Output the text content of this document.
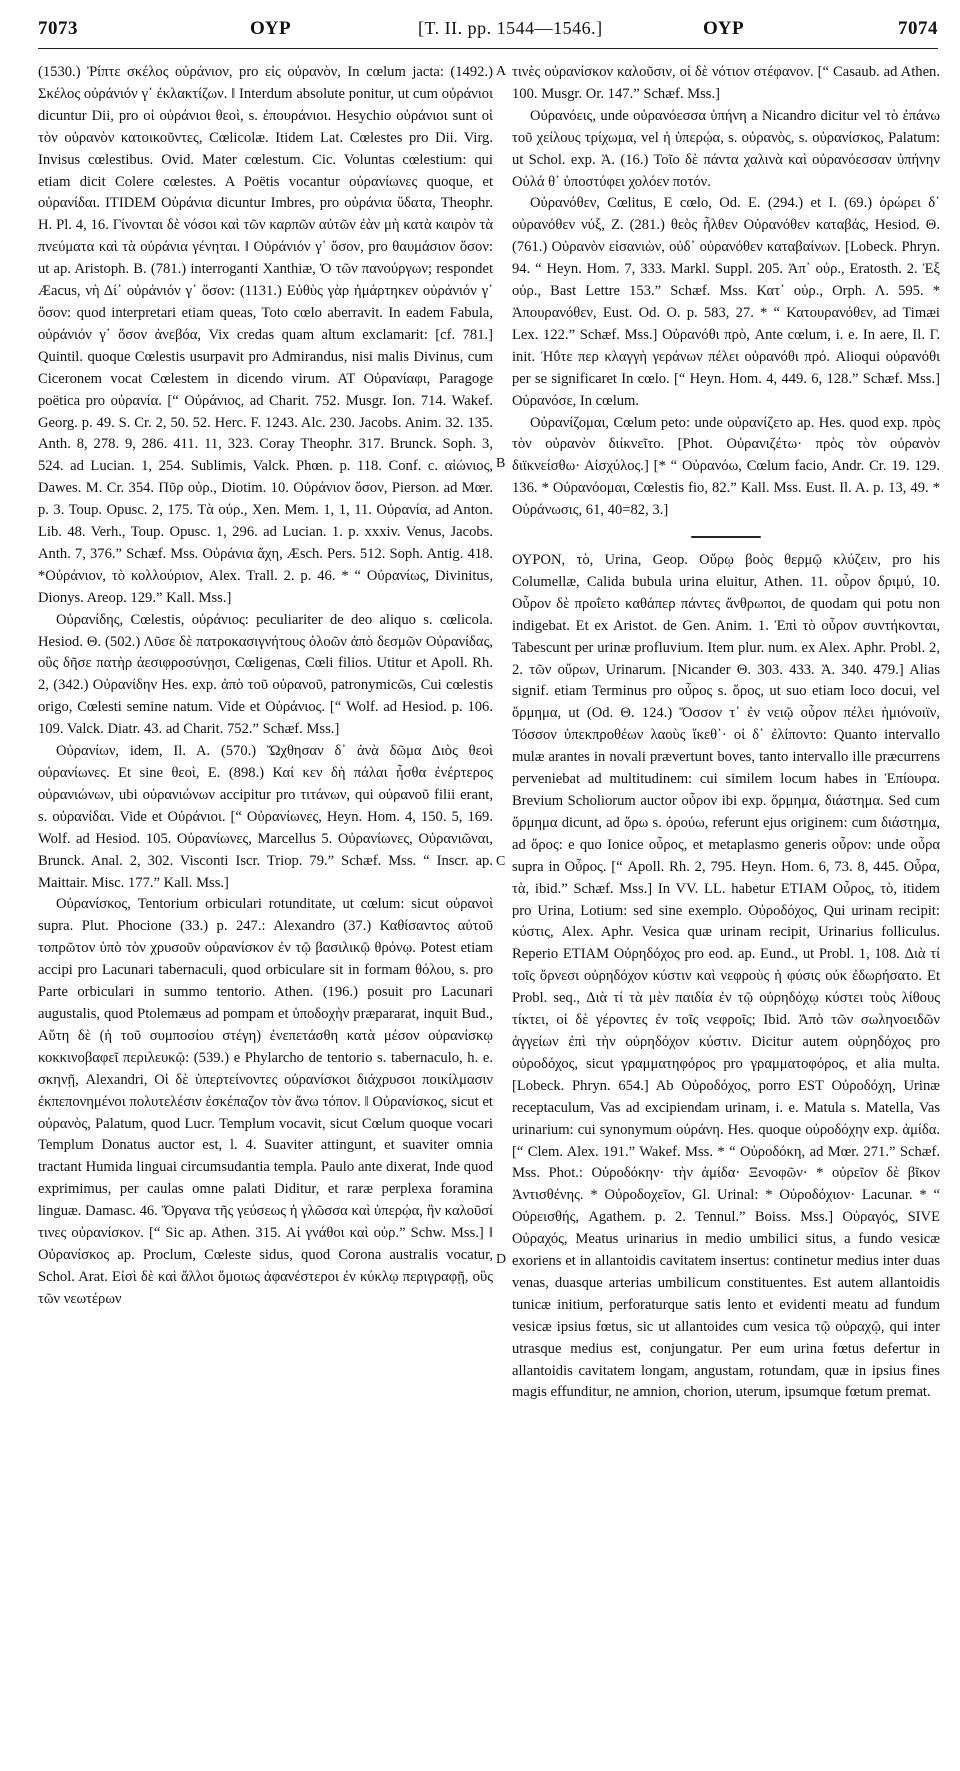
7073	ΟΥΡ	[T. II. pp. 1544—1546.]	ΟΥΡ	7074
A
B
C
D

(1530.) Ῥίπτε σκέλος οὐράνιον, pro εἰς οὐρανὸν, In cœlum jacta: (1492.) Σκέλος οὐράνιόν γ᾽ ἐκλακτίζων. ‖ Interdum absolute ponitur, ut cum οὐράνιοι dicuntur Dii, pro οἱ οὐράνιοι θεοὶ, s. ἐπουράνιοι. Hesychio οὐράνιοι sunt οἱ τὸν οὐρανὸν κατοικοῦντες, Cœlicolæ. Itidem Lat. Cœlestes pro Dii. Virg. Invisus cœlestibus. Ovid. Mater cœlestum. Cic. Voluntas cœlestium: qui etiam dicit Colere cœlestes. A Poëtis vocantur οὐρανίωνες quoque, et οὐρανίδαι. ITIDEM Οὐράνια dicuntur Imbres, pro οὐράνια ὕδατα, Theophr. H. Pl. 4, 16. Γίνονται δὲ νόσοι καὶ τῶν καρπῶν αὐτῶν ἐὰν μὴ κατὰ καιρὸν τὰ πνεύματα καὶ τὰ οὐράνια γένηται. ‖ Οὐράνιόν γ᾽ ὅσον, pro θαυμάσιον ὅσον: ut ap. Aristoph. B. (781.) interroganti Xanthiæ, Ὁ τῶν πανούργων; respondet Æacus, νὴ Δί᾽ οὐράνιόν γ᾽ ὅσον: (1131.) Εὐθὺς γὰρ ἡμάρτηκεν οὐράνιόν γ᾽ ὅσον: quod interpretari etiam queas, Toto cœlo aberravit. In eadem Fabula, οὐράνιόν γ᾽ ὅσον ἀνεβόα, Vix credas quam altum exclamarit: [cf. 781.] Quintil. quoque Cœlestis usurpavit pro Admirandus, nisi malis Divinus, cum Ciceronem vocat Cœlestem in dicendo virum. AT Οὐρανίαφι, Paragoge poëtica pro οὐρανία. [“ Οὐράνιος, ad Charit. 752. Musgr. Ion. 714. Wakef. Georg. p. 49. S. Cr. 2, 50. 52. Herc. F. 1243. Alc. 230. Jacobs. Anim. 32. 135. Anth. 8, 278. 9, 286. 411. 11, 323. Coray Theophr. 317. Brunck. Soph. 3, 524. ad Lucian. 1, 254. Sublimis, Valck. Phœn. p. 118. Conf. c. αἰώνιος, Dawes. M. Cr. 354. Πῦρ οὐρ., Diotim. 10. Οὐράνιον ὅσον, Pierson. ad Mœr. p. 3. Toup. Opusc. 2, 175. Τὰ οὐρ., Xen. Mem. 1, 1, 11. Οὐρανία, ad Anton. Lib. 48. Verh., Toup. Opusc. 1, 296. ad Lucian. 1. p. xxxiv. Venus, Jacobs. Anth. 7, 376.” Schæf. Mss. Οὐράνια ἄχη, Æsch. Pers. 512. Soph. Antig. 418. *Οὐράνιον, τὸ κολλούριον, Alex. Trall. 2. p. 46. * “ Οὐρανίως, Divinitus, Dionys. Areop. 129.” Kall. Mss.]

Οὐρανίδης, Cœlestis, οὐράνιος: peculiariter de deo aliquo s. cœlicola. Hesiod. Θ. (502.) Λῦσε δὲ πατροκασιγνήτους ὀλοῶν ἀπὸ δεσμῶν Οὐρανίδας, οὓς δῆσε πατὴρ ἀεσιφροσύνῃσι, Cœligenas, Cœli filios. Utitur et Apoll. Rh. 2, (342.) Οὐρανίδην Hes. exp. ἀπὸ τοῦ οὐρανοῦ, patronymicῶs, Cui cœlestis origo, Cœlesti semine natum. Vide et Οὐράνιος. [“ Wolf. ad Hesiod. p. 106. 109. Valck. Diatr. 43. ad Charit. 752.” Schæf. Mss.]

Οὐρανίων, idem, Il. A. (570.) Ὤχθησαν δ᾽ ἀνὰ δῶμα Διὸς θεοὶ οὐρανίωνες. Et sine θεοὶ, E. (898.) Καί κεν δὴ πάλαι ἦσθα ἐνέρτερος οὐρανιώνων, ubi οὐρανιώνων accipitur pro τιτάνων, qui οὐρανοῦ filii erant, s. οὐρανίδαι. Vide et Οὐράνιοι. [“ Οὐρανίωνες, Heyn. Hom. 4, 150. 5, 169. Wolf. ad Hesiod. 105. Οὐρανίωνες, Marcellus 5. Οὐρανίωνες, Οὐρανιῶναι, Brunck. Anal. 2, 302. Visconti Iscr. Triop. 79.” Schæf. Mss. “ Inscr. ap. Maittair. Misc. 177.” Kall. Mss.]

Οὐρανίσκος, Tentorium orbiculari rotunditate, ut cœlum: sicut οὐρανοὶ supra. Plut. Phocione (33.) p. 247.: Alexandro (37.) Καθίσαντος αὐτοῦ τοπρῶτον ὑπὸ τὸν χρυσοῦν οὐρανίσκον ἐν τῷ βασιλικῷ θρόνῳ. Potest etiam accipi pro Lacunari tabernaculi, quod orbiculare sit in formam θόλου, s. pro Parte orbiculari in summo tentorio. Athen. (196.) posuit pro Lacunari augustalis, quod Ptolemæus ad pompam et ὑποδοχὴν præpararat, inquit Bud., Αὕτη δὲ (ἡ τοῦ συμποσίου στέγη) ἐνεπετάσθη κατὰ μέσον οὐρανίσκῳ κοκκινοβαφεῖ περιλευκῷ: (539.) e Phylarcho de tentorio s. tabernaculo, h. e. σκηνῇ, Alexandri, Οἱ δὲ ὑπερτείνοντες οὐρανίσκοι διάχρυσοι ποικίλμασιν ἐκπεπονημένοι πολυτελέσιν ἐσκέπαζον τὸν ἄνω τόπον. ‖ Οὐρανίσκος, sicut et οὐρανὸς, Palatum, quod Lucr. Templum vocavit, sicut Cœlum quoque vocari Templum Donatus auctor est, l. 4. Suaviter attingunt, et suaviter omnia tractant Humida linguai circumsudantia templa. Paulo ante dixerat, Inde quod exprimimus, per caulas omne palati Diditur, et raræ perplexa foramina linguæ. Damasc. 46. Ὄργανα τῆς γεύσεως ἡ γλῶσσα καὶ ὑπερῴα, ἣν καλοῦσί τινες οὐρανίσκον. [“ Sic ap. Athen. 315. Αἱ γνάθοι καὶ οὐρ.” Schw. Mss.] ‖ Οὐρανίσκος ap. Proclum, Cœleste sidus, quod Corona australis vocatur, Schol. Arat. Εἰσὶ δὲ καὶ ἄλλοι ὅμοιως ἀφανέστεροι ἐν κύκλῳ περιγραφῇ, οὓς τῶν νεωτέρων

τινὲς οὐρανίσκον καλοῦσιν, οἱ δὲ νότιον στέφανον. [“ Casaub. ad Athen. 100. Musgr. Or. 147.” Schæf. Mss.]

Οὐρανόεις, unde οὐρανόεσσα ὑπήνη a Nicandro dicitur vel τὸ ἐπάνω τοῦ χείλους τρίχωμα, vel ἡ ὑπερῴα, s. οὐρανὸς, s. οὐρανίσκος, Palatum: ut Schol. exp. Ἀ. (16.) Τοῖο δὲ πάντα χαλινὰ καὶ οὐρανόεσσαν ὑπήνην Οὐλά θ᾽ ὑποστύφει χολόεν ποτόν.

Οὐρανόθεν, Cœlitus, E cœlo, Od. E. (294.) et I. (69.) ὀρώρει δ᾽ οὐρανόθεν νύξ, Z. (281.) θεὸς ἦλθεν Οὐρανόθεν καταβάς, Hesiod. Θ. (761.) Οὐρανὸν εἰσανιὼν, οὐδ᾽ οὐρανόθεν καταβαίνων. [Lobeck. Phryn. 94. “ Heyn. Hom. 7, 333. Markl. Suppl. 205. Ἀπ᾽ οὐρ., Eratosth. 2. Ἐξ οὐρ., Bast Lettre 153.” Schæf. Mss. Κατ᾽ οὐρ., Orph. Λ. 595. * Ἀπουρανόθεν, Eust. Od. O. p. 583, 27. * “ Κατουρανόθεν, ad Timæi Lex. 122.” Schæf. Mss.] Οὐρανόθι πρὸ, Ante cœlum, i. e. In aere, Il. Γ. init. Ἠΰτε περ κλαγγὴ γεράνων πέλει οὐρανόθι πρό. Alioqui οὐρανόθι per se significaret In cœlo. [“ Heyn. Hom. 4, 449. 6, 128.” Schæf. Mss.] Οὐρανόσε, In cœlum.

Οὐρανίζομαι, Cœlum peto: unde οὐρανίζετο ap. Hes. quod exp. πρὸς τὸν οὐρανὸν διίκνεῖτο. [Phot. Οὐρανιζέτω· πρὸς τὸν οὐρανὸν διϊκνείσθω· Αἰσχύλος.] [* “ Οὐρανόω, Cœlum facio, Andr. Cr. 19. 129. 136. * Οὐρανόομαι, Cœlestis fio, 82.” Kall. Mss. Eust. Il. A. p. 13, 49. * Οὐράνωσις, 61, 40=82, 3.]

ΟΥΡΟΝ, τὸ, Urina, Geop. Οὔρῳ βοὸς θερμῷ κλύζειν, pro his Columellæ, Calida bubula urina eluitur, Athen. 11. οὖρον δριμύ, 10. Οὖρον δὲ προΐετο καθάπερ πάντες ἄνθρωποι, de quodam qui potu non indigebat. Et ex Aristot. de Gen. Anim. 1. Ἐπὶ τὸ οὖρον συντήκονται, Tabescunt per urinæ profluvium. Item plur. num. ex Alex. Aphr. Probl. 2, 2. τῶν οὔρων, Urinarum. [Nicander Θ. 303. 433. Ἀ. 340. 479.] Alias signif. etiam Terminus pro οὖρος s. ὅρος, ut suo etiam loco docui, vel ὅρμημα, ut (Od. Θ. 124.) Ὅσσον τ᾽ ἐν νειῷ οὖρον πέλει ἡμιόνοιϊν, Τόσσον ὑπεκπροθέων λαοὺς ἵκεθ᾽· οἱ δ᾽ ἐλίποντο: Quanto intervallo mulæ arantes in novali prævertunt boves, tanto intervallo ille præcurrens perveniebat ad multitudinem: cui similem locum habes in Ἐπίουρα. Brevium Scholiorum auctor οὖρον ibi exp. ὅρμημα, διάστημα. Sed cum ὅρμημα dicunt, ad ὅρω s. ὀρούω, referunt ejus originem: cum διάστημα, ad ὅρος: e quo Ionice οὖρος, et metaplasmo generis οὖρον: unde οὖρα supra in Οὖρος. [“ Apoll. Rh. 2, 795. Heyn. Hom. 6, 73. 8, 445. Οὖρα, τὰ, ibid.” Schæf. Mss.] In VV. LL. habetur ETIAM Οὖρος, τὸ, itidem pro Urina, Lotium: sed sine exemplo. Οὐροδόχος, Qui urinam recipit: κύστις, Alex. Aphr. Vesica quæ urinam recipit, Urinarius folliculus. Reperio ETIAM Οὐρηδόχος pro eod. ap. Eund., ut Probl. 1, 108. Διὰ τί τοῖς ὄρνεσι οὐρηδόχον κύστιν καὶ νεφροὺς ἡ φύσις οὐκ ἐδωρήσατο. Et Probl. seq., Διὰ τί τὰ μὲν παιδία ἐν τῷ οὐρηδόχῳ κύστει τοὺς λίθους τίκτει, οἱ δὲ γέροντες ἐν τοῖς νεφροῖς; Ibid. Ἀπὸ τῶν σωληνοειδῶν ἀγγείων ἐπὶ τὴν οὐρηδόχον κύστιν. Dicitur autem οὐρηδόχος pro οὐροδόχος, sicut γραμματηφόρος pro γραμματοφόρος, et alia multa. [Lobeck. Phryn. 654.] Ab Οὐροδόχος, porro EST Οὐροδόχη, Urinæ receptaculum, Vas ad excipiendam urinam, i. e. Matula s. Matella, Vas urinarium: cui synonymum οὐράνη. Hes. quoque οὐροδόχην exp. ἀμίδα. [“ Clem. Alex. 191.” Wakef. Mss. * “ Οὐροδόκη, ad Mœr. 271.” Schæf. Mss. Phot.: Οὐροδόκην· τὴν ἀμίδα· Ξενοφῶν· * οὐρεῖον δὲ βῖκον Ἀντισθένης. * Οὐροδοχεῖον, Gl. Urinal: * Οὐροδόχιον· Lacunar. * “ Οὐρεισθής, Agathem. p. 2. Tennul.” Boiss. Mss.] Οὐραγός, SIVE Οὐραχός, Meatus urinarius in medio umbilici situs, a fundo vesicæ exoriens et in allantoidis cavitatem insertus: continetur medius inter duas venas, duasque arterias umbilicum constituentes. Est autem allantoidis tunicæ initium, perforaturque satis lento et evidenti meatu ad fundum vesicæ ipsius fœtus, sic ut allantoides cum vesica τῷ οὐραχῷ, qui inter utrasque medius est, conjungatur. Per eum urina fœtus defertur in allantoidis cavitatem longam, angustam, rotundam, quæ in ipsius fines magis effunditur, ne amnion, chorion, uterum, ipsumque fœtum premat.
